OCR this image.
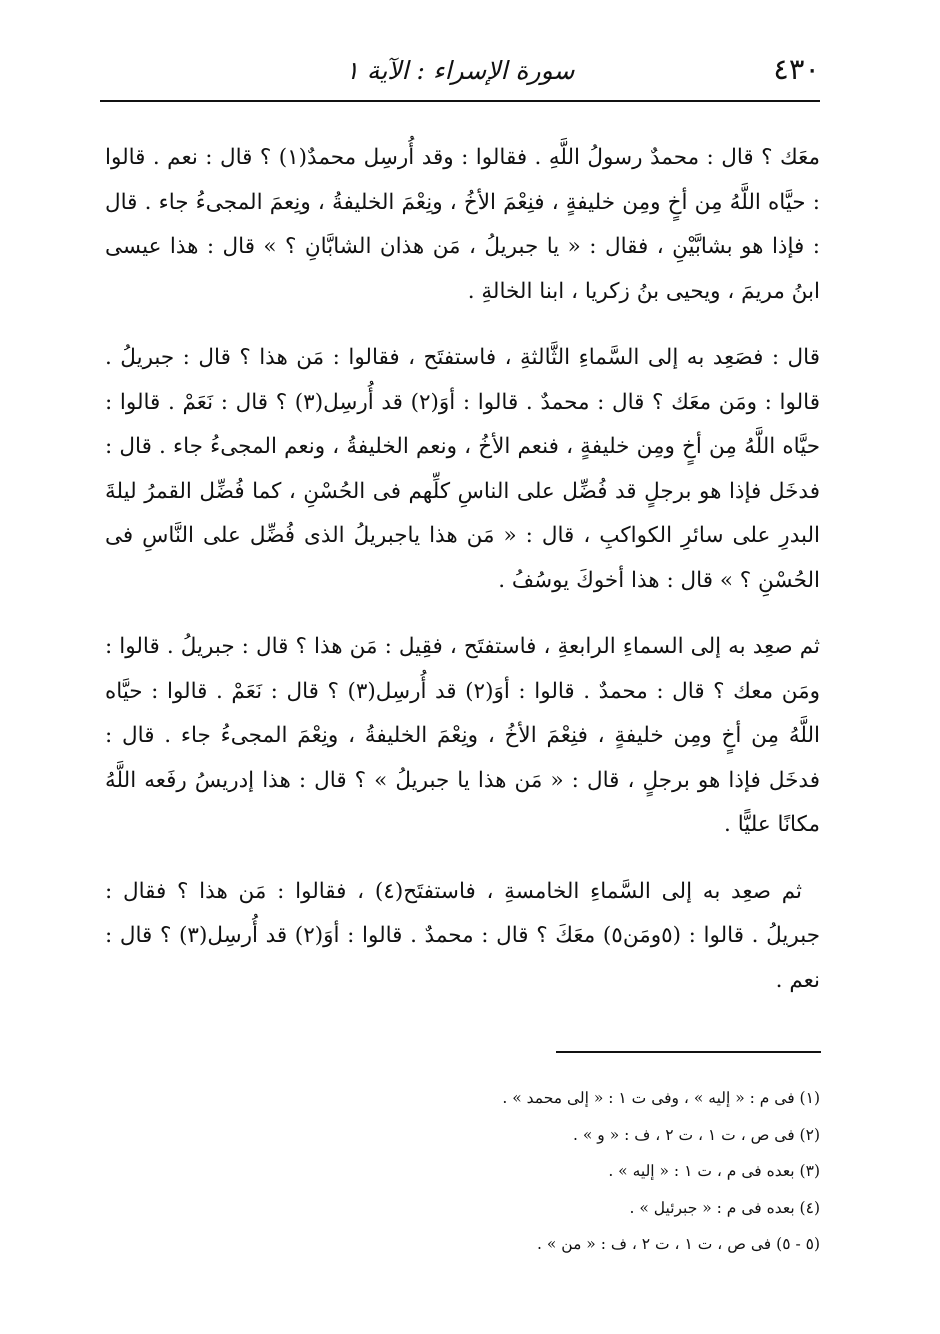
٤٣٠
سورة الإسراء : الآية ١

معَك ؟ قال : محمدٌ رسولُ اللَّهِ . فقالوا : وقد أُرسِل محمدٌ(١) ؟ قال : نعم . قالوا : حيَّاه اللَّهُ مِن أخٍ ومِن خليفةٍ ، فنِعْمَ الأخُ ، ونِعْمَ الخليفةُ ، ونِعمَ المجىءُ جاء . قال : فإذا هو بشابَّيْنِ ، فقال : « يا جبريلُ ، مَن هذان الشابَّانِ ؟ » قال : هذا عيسى ابنُ مريمَ ، ويحيى بنُ زكريا ، ابنا الخالةِ .

قال : فصَعِد به إلى السَّماءِ الثَّالثةِ ، فاستفتَح ، فقالوا : مَن هذا ؟ قال : جبريلُ . قالوا : ومَن معَك ؟ قال : محمدٌ . قالوا : أوَ(٢) قد أُرسِل(٣) ؟ قال : نَعَمْ . قالوا : حيَّاه اللَّهُ مِن أخٍ ومِن خليفةٍ ، فنعم الأخُ ، ونعم الخليفةُ ، ونعم المجىءُ جاء . قال : فدخَل فإذا هو برجلٍ قد فُضِّل على الناسِ كلِّهم فى الحُسْنِ ، كما فُضِّل القمرُ ليلةَ البدرِ على سائرِ الكواكبِ ، قال : « مَن هذا ياجبريلُ الذى فُضِّل على النَّاسِ فى الحُسْنِ ؟ » قال : هذا أخوكَ يوسُفُ .

ثم صعِد به إلى السماءِ الرابعةِ ، فاستفتَح ، فقِيل : مَن هذا ؟ قال : جبريلُ . قالوا : ومَن معك ؟ قال : محمدٌ . قالوا : أوَ(٢) قد أُرسِل(٣) ؟ قال : نَعَمْ . قالوا : حيَّاه اللَّهُ مِن أخٍ ومِن خليفةٍ ، فنِعْمَ الأخُ ، ونِعْمَ الخليفةُ ، ونِعْمَ المجىءُ جاء . قال : فدخَل فإذا هو برجلٍ ، قال : « مَن هذا يا جبريلُ » ؟ قال : هذا إدريسُ رفَعه اللَّهُ مكانًا عليًّا .

ثم صعِد به إلى السَّماءِ الخامسةِ ، فاستفتَح(٤) ، فقالوا : مَن هذا ؟ فقال : جبريلُ . قالوا : (٥ومَن٥) معَكَ ؟ قال : محمدٌ . قالوا : أوَ(٢) قد أُرسِل(٣) ؟ قال : نعم .

(١) فى م : « إليه » ، وفى ت ١ : « إلى محمد » .

(٢) فى ص ، ت ١ ، ت ٢ ، ف : « و » .

(٣) بعده فى م ، ت ١ : « إليه » .

(٤) بعده فى م : « جبرئيل » .

(٥ - ٥) فى ص ، ت ١ ، ت ٢ ، ف : « من » .
